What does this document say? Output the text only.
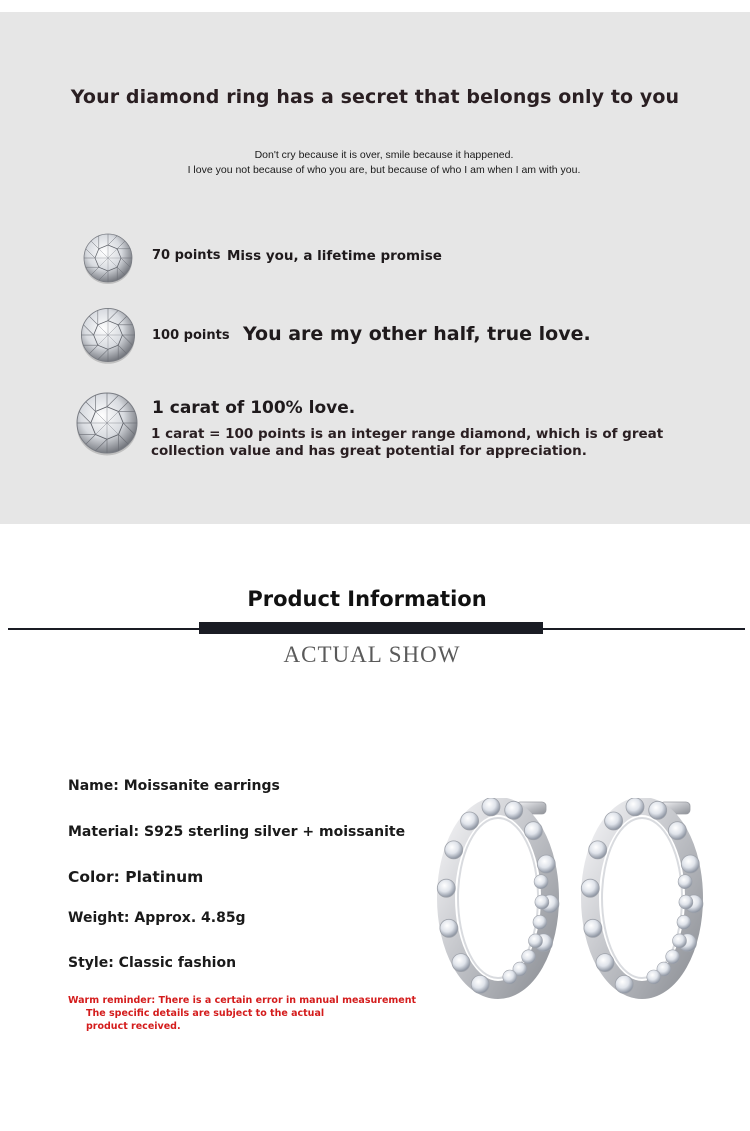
Your diamond ring has a secret that belongs only to you
Don't cry because it is over, smile because it happened.
I love you not because of who you are, but because of who I am when I am with you.
70 points Miss you, a lifetime promise
100 points You are my other half, true love.
1 carat of 100% love.
1 carat = 100 points is an integer range diamond, which is of great collection value and has great potential for appreciation.
Product Information
ACTUAL SHOW
Name: Moissanite earrings
Material: S925 sterling silver + moissanite
Color: Platinum
Weight: Approx. 4.85g
Style: Classic fashion
Warm reminder: There is a certain error in manual measurement
The specific details are subject to the actual
product received.
